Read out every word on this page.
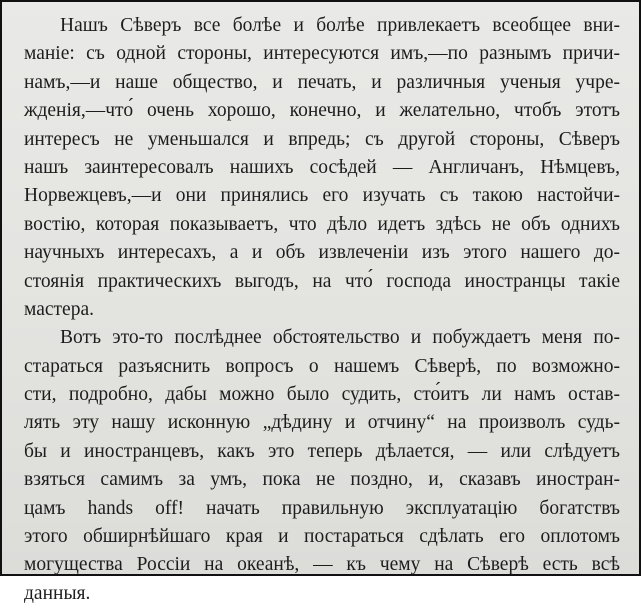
Нашъ Сѣверъ все болѣе и болѣе привлекаетъ всеобщее вни-
маніе: съ одной стороны, интересуются имъ,—по разнымъ причи-
намъ,—и наше общество, и печать, и различныя ученыя учре-
жденія,—что́ очень хорошо, конечно, и желательно, чтобъ этотъ
интересъ не уменьшался и впредь; съ другой стороны, Сѣверъ
нашъ заинтересовалъ нашихъ сосѣдей — Англичанъ, Нѣмцевъ,
Норвежцевъ,—и они принялись его изучать съ такою настойчи-
востію, которая показываетъ, что дѣло идетъ здѣсь не объ однихъ
научныхъ интересахъ, а и объ извлеченіи изъ этого нашего до-
стоянія практическихъ выгодъ, на что́ господа иностранцы такіе
мастера.
Вотъ это-то послѣднее обстоятельство и побуждаетъ меня по-
стараться разъяснить вопросъ о нашемъ Сѣверѣ, по возможно-
сти, подробно, дабы можно было судить, сто́итъ ли намъ остав-
лять эту нашу исконную „дѣдину и отчину“ на произволъ судь-
бы и иностранцевъ, какъ это теперь дѣлается, — или слѣдуетъ
взяться самимъ за умъ, пока не поздно, и, сказавъ иностран-
цамъ hands off! начать правильную эксплуатацію богатствъ
этого обширнѣйшаго края и постараться сдѣлать его оплотомъ
могущества Россіи на океанѣ, — къ чему на Сѣверѣ есть всѣ
данныя.
